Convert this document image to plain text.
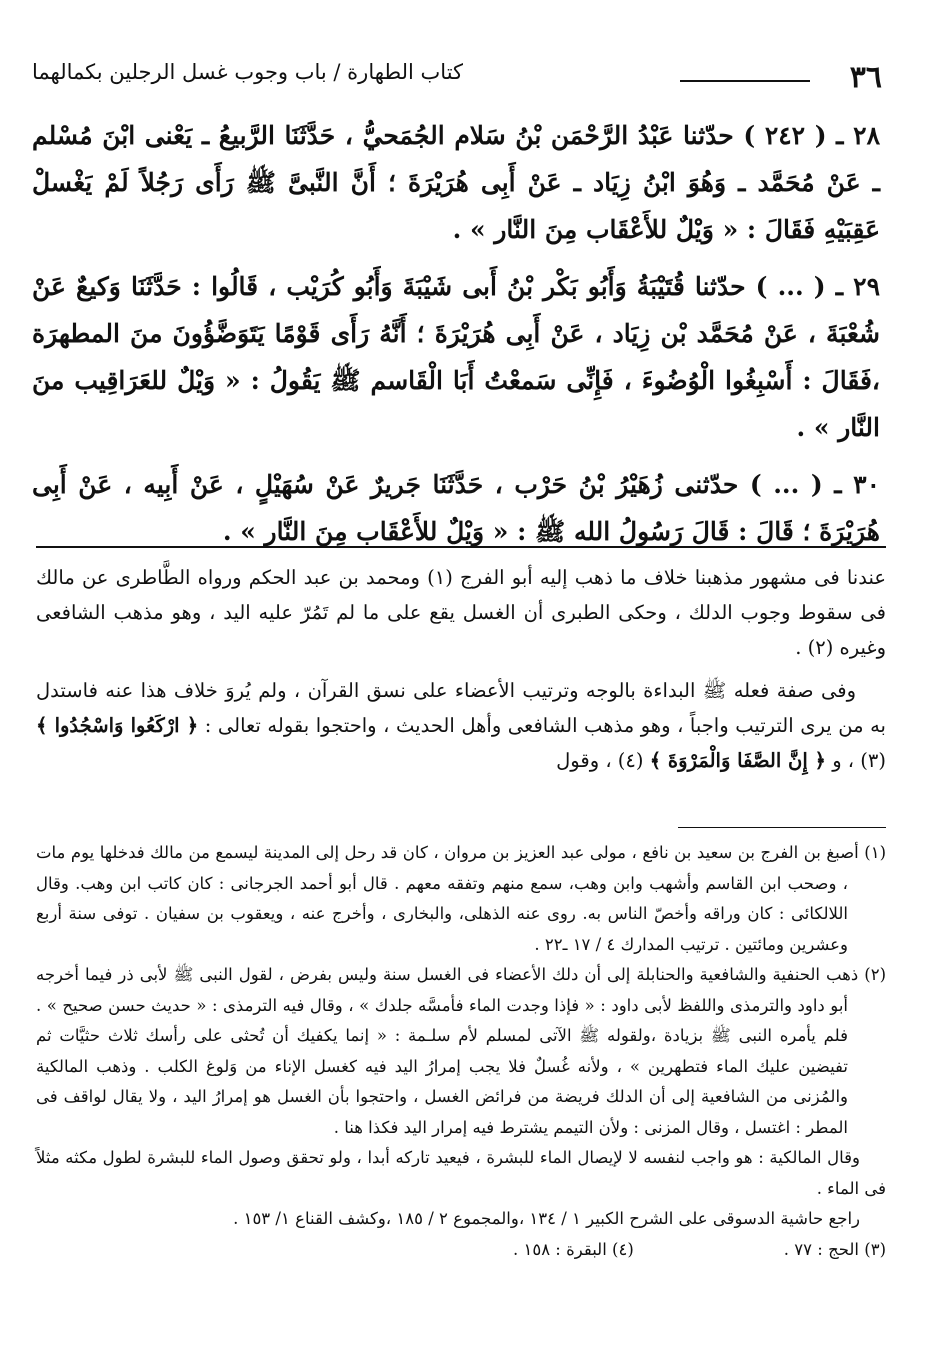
٣٦
كتاب الطهارة / باب وجوب غسل الرجلين بكمالهما

٢٨ ـ ( ٢٤٢ ) حدّثنا عَبْدُ الرَّحْمَن بْنُ سَلام الجُمَحيُّ ، حَدَّثَنَا الرَّبيعُ ـ يَعْنى ابْنَ مُسْلم ـ عَنْ مُحَمَّد ـ وَهُوَ ابْنُ زِيَاد ـ عَنْ أَبِى هُرَيْرَةَ ؛ أَنَّ النَّبىَّ ﷺ رَأَى رَجُلاً لَمْ يَغْسلْ عَقِبَيْهِ فَقَالَ : « وَيْلٌ للأَعْقَاب مِنَ النَّار » .

٢٩ ـ ( ... ) حدّثنا قُتَيْبَةُ وَأَبُو بَكْر بْنُ أَبى شَيْبَةَ وَأَبُو كُرَيْب ، قَالُوا : حَدَّثَنَا وَكيعٌ عَنْ شُعْبَةَ ، عَنْ مُحَمَّد بْن زِيَاد ، عَنْ أَبِى هُرَيْرَةَ ؛ أَنَّهُ رَأَى قَوْمًا يَتَوَضَّؤُونَ منَ المطهرَة ،فَقَالَ : أَسْبِغُوا الْوُضُوءَ ، فَإِنِّى سَمعْتُ أَبَا الْقَاسم ﷺ يَقُولُ : « وَيْلٌ للعَرَاقِيب منَ النَّار » .

٣٠ ـ ( ... ) حدّثنى زُهَيْرُ بْنُ حَرْب ، حَدَّثَنَا جَريرٌ عَنْ سُهَيْلٍ ، عَنْ أَبِيه ، عَنْ أَبِى هُرَيْرَةَ ؛ قَالَ : قَالَ رَسُولُ الله ﷺ : « وَيْلٌ للأَعْقَاب مِنَ النَّار » .

عندنا فى مشهور مذهبنا خلاف ما ذهب إليه أبو الفرج (١) ومحمد بن عبد الحكم ورواه الطَّاطرى عن مالك فى سقوط وجوب الدلك ، وحكى الطبرى أن الغسل يقع على ما لم تَمُرّ عليه اليد ، وهو مذهب الشافعى وغيره (٢) .

وفى صفة فعله ﷺ البداءة بالوجه وترتيب الأعضاء على نسق القرآن ، ولم يُروَ خلاف هذا عنه فاستدل به من يرى الترتيب واجباً ، وهو مذهب الشافعى وأهل الحديث ، واحتجوا بقوله تعالى : ﴿ ارْكَعُوا وَاسْجُدُوا ﴾ (٣) ، و ﴿ إِنَّ الصَّفَا وَالْمَرْوَةَ ﴾ (٤) ، وقول

(١) أصبغ بن الفرج بن سعيد بن نافع ، مولى عبد العزيز بن مروان ، كان قد رحل إلى المدينة ليسمع من مالك فدخلها يوم مات ، وصحب ابن القاسم وأشهب وابن وهب، سمع منهم وتفقه معهم . قال أبو أحمد الجرجانى : كان كاتب ابن وهب. وقال اللالكائى : كان وراقه وأخصّ الناس به. روى عنه الذهلى، والبخارى ، وأخرج عنه ، ويعقوب بن سفيان . توفى سنة أربع وعشرين ومائتين . ترتيب المدارك ٤ / ١٧ ـ٢٢ .

(٢) ذهب الحنفية والشافعية والحنابلة إلى أن دلك الأعضاء فى الغسل سنة وليس بفرض ، لقول النبى ﷺ لأبى ذر فيما أخرجه أبو داود والترمذى واللفظ لأبى داود : « فإذا وجدت الماء فأمسَّه جلدك » ، وقال فيه الترمذى : « حديث حسن صحيح » . فلم يأمره النبى ﷺ بزيادة ،ولقوله ﷺ الآتى لمسلم لأم سلـمة : « إنما يكفيك أن تُحثى على رأسك ثلاث حثيَّات ثم تفيضين عليك الماء فتطهرين » ، ولأنه غُسلٌ فلا يجب إمرارُ اليد فيه كغسل الإناء من وَلوغ الكلب . وذهب المالكية والمُزنى من الشافعية إلى أن الدلك فريضة من فرائض الغسل ، واحتجوا بأن الغسل هو إمرارُ اليد ، ولا يقال لواقف فى المطر : اغتسل ، وقال المزنى : ولأن التيمم يشترط فيه إمرار اليد فكذا هنا .

وقال المالكية : هو واجب لنفسه لا لإيصال الماء للبشرة ، فيعيد تاركه أبدا ، ولو تحقق وصول الماء للبشرة لطول مكثه مثلاً فى الماء .

راجع حاشية الدسوقى على الشرح الكبير ١ / ١٣٤ ،والمجموع ٢ / ١٨٥ ،وكشف القناع ١/ ١٥٣ .

(٣) الحج : ٧٧ .
(٤) البقرة : ١٥٨ .
